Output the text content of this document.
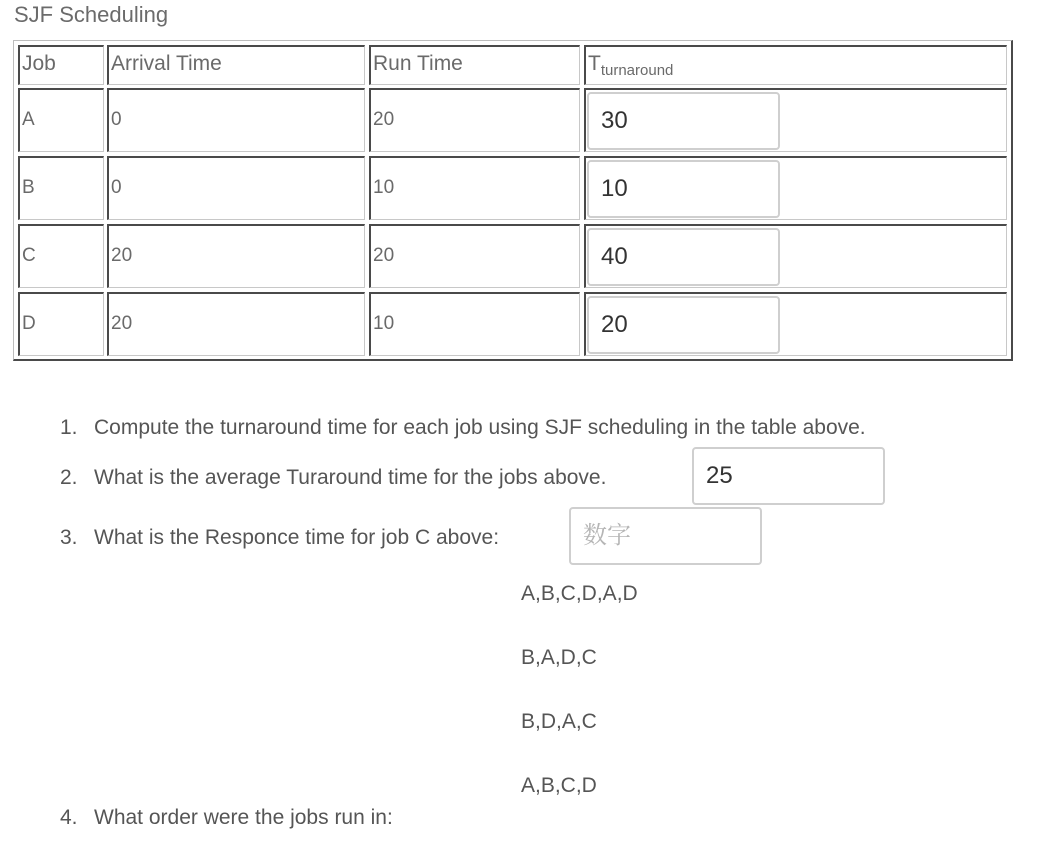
SJF Scheduling
Job	Arrival Time	Run Time	$T_{turnaround}$
A	0	20	30
B	0	10	10
C	20	20	40
D	20	10	20
1. Compute the turnaround time for each job using SJF scheduling in the table above.
2. What is the average Turaround time for the jobs above.	25
3. What is the Responce time for job C above:	数字
A,B,C,D,A,D
B,A,D,C
B,D,A,C
A,B,C,D
4. What order were the jobs run in:
